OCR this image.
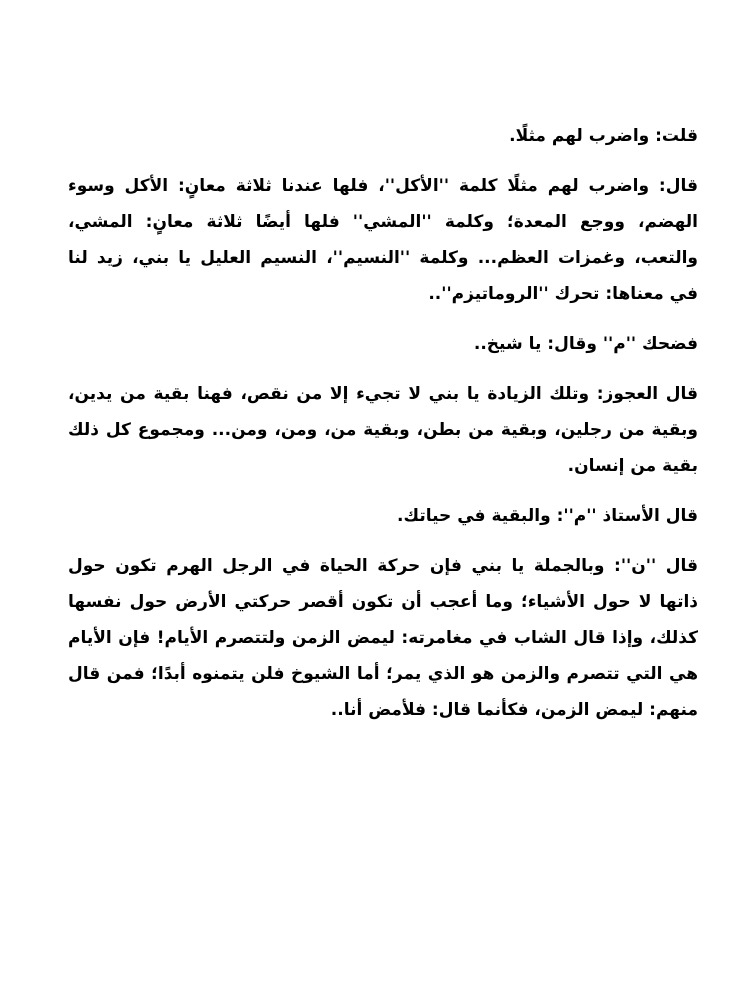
قلت: واضرب لهم مثلًا.

قال: واضرب لهم مثلًا كلمة ''الأكل''، فلها عندنا ثلاثة معانٍ: الأكل وسوء الهضم، ووجع المعدة؛ وكلمة ''المشي'' فلها أيضًا ثلاثة معانٍ: المشي، والتعب، وغمزات العظم... وكلمة ''النسيم''، النسيم العليل يا بني، زيد لنا في معناها: تحرك ''الروماتيزم''..

فضحك ''م'' وقال: يا شيخ..

قال العجوز: وتلك الزيادة يا بني لا تجيء إلا من نقص، فهنا بقية من يدين، وبقية من رجلين، وبقية من بطن، وبقية من، ومن، ومن... ومجموع كل ذلك بقية من إنسان.

قال الأستاذ ''م'': والبقية في حياتك.

قال ''ن'': وبالجملة يا بني فإن حركة الحياة في الرجل الهرم تكون حول ذاتها لا حول الأشياء؛ وما أعجب أن تكون أقصر حركتي الأرض حول نفسها كذلك، وإذا قال الشاب في مغامرته: ليمض الزمن ولتتصرم الأيام! فإن الأيام هي التي تتصرم والزمن هو الذي يمر؛ أما الشيوخ فلن يتمنوه أبدًا؛ فمن قال منهم: ليمض الزمن، فكأنما قال: فلأمض أنا..
